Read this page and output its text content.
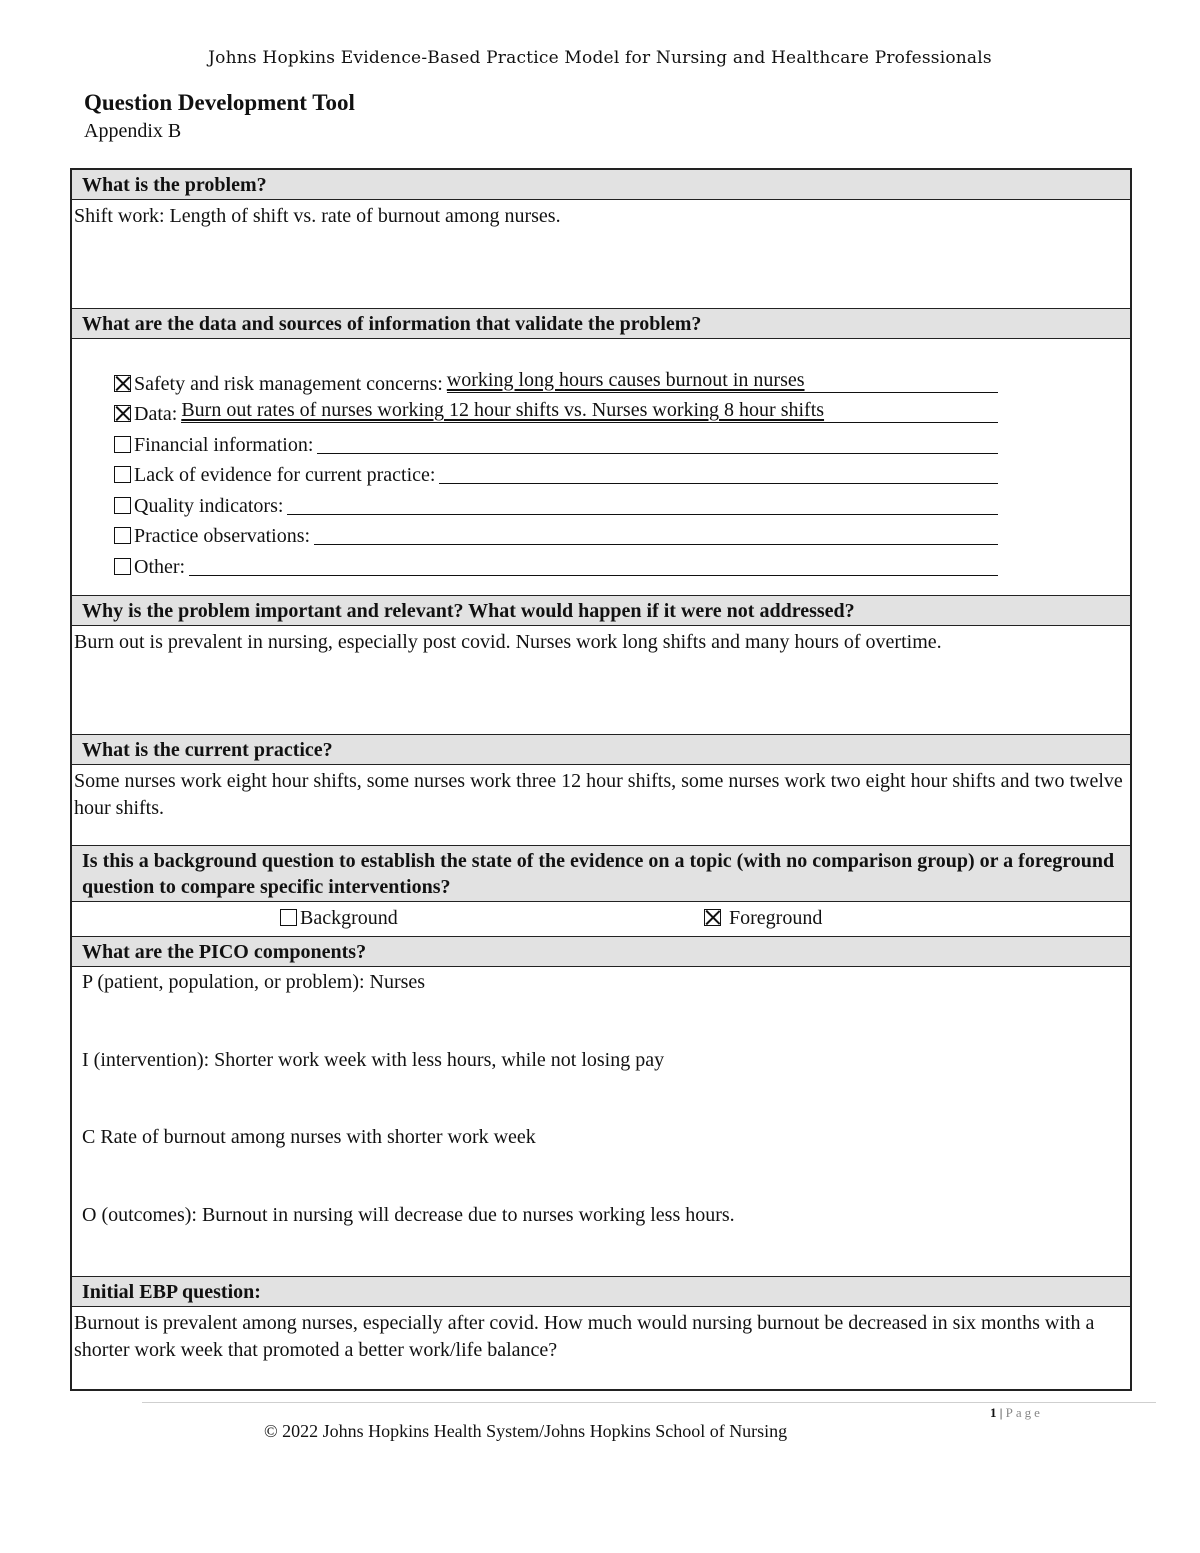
Johns Hopkins Evidence-Based Practice Model for Nursing and Healthcare Professionals
Question Development Tool
Appendix B
What is the problem?
Shift work: Length of shift vs. rate of burnout among nurses.
What are the data and sources of information that validate the problem?
Safety and risk management concerns: working long hours causes burnout in nurses
Data: Burn out rates of nurses working 12 hour shifts vs. Nurses working 8 hour shifts
Financial information:
Lack of evidence for current practice:
Quality indicators:
Practice observations:
Other:
Why is the problem important and relevant? What would happen if it were not addressed?
Burn out is prevalent in nursing, especially post covid. Nurses work long shifts and many hours of overtime.
What is the current practice?
Some nurses work eight hour shifts, some nurses work three 12 hour shifts, some nurses work two eight hour shifts and two twelve hour shifts.
Is this a background question to establish the state of the evidence on a topic (with no comparison group) or a foreground question to compare specific interventions?
Background	Foreground
What are the PICO components?
P (patient, population, or problem): Nurses
I (intervention): Shorter work week with less hours, while not losing pay
C Rate of burnout among nurses with shorter work week
O (outcomes): Burnout in nursing will decrease due to nurses working less hours.
Initial EBP question:
Burnout is prevalent among nurses, especially after covid. How much would nursing burnout be decreased in six months with a shorter work week that promoted a better work/life balance?
1 | Page
© 2022 Johns Hopkins Health System/Johns Hopkins School of Nursing
